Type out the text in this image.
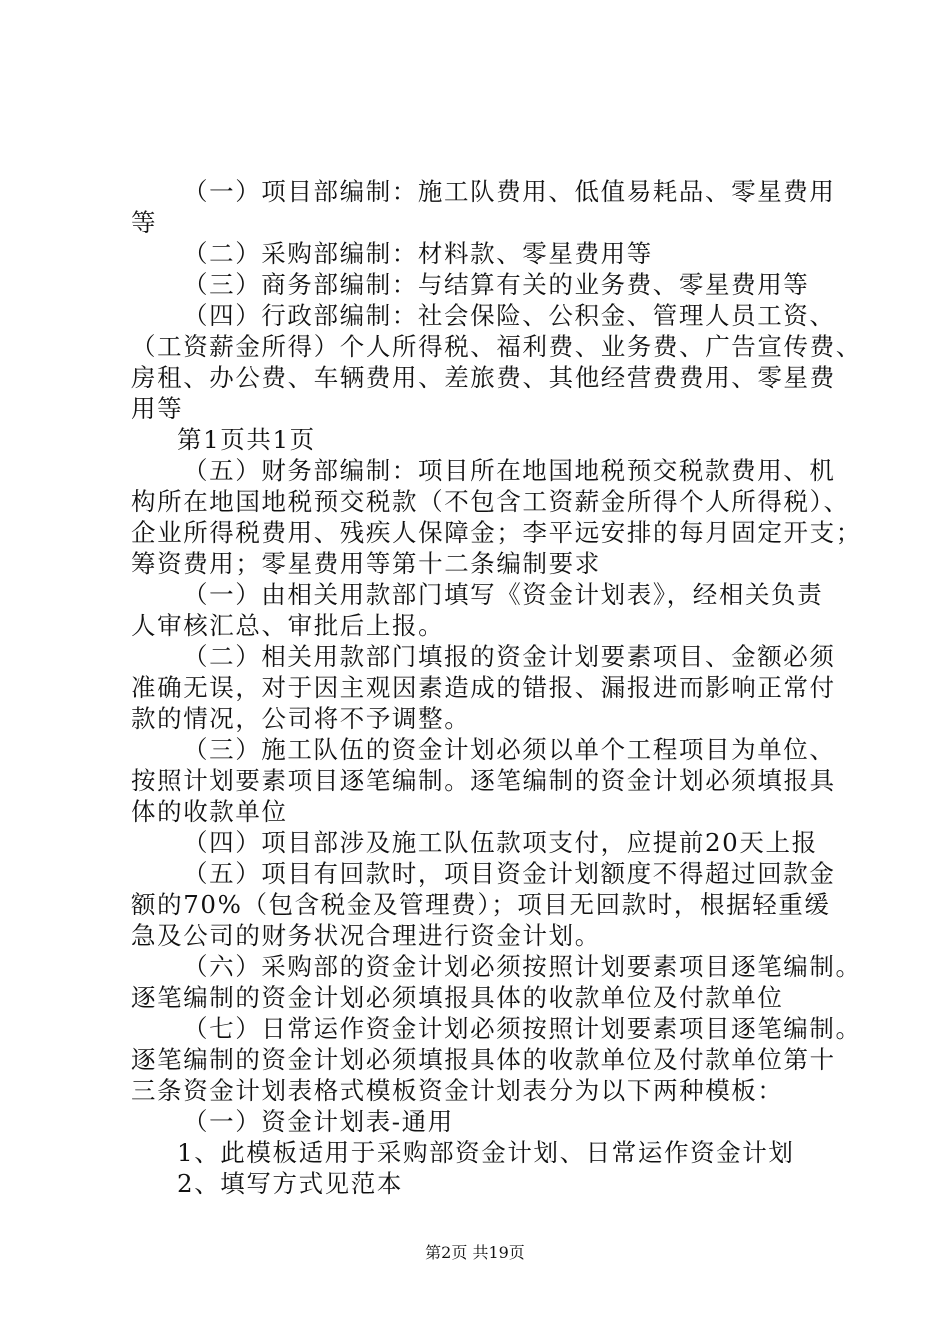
（一）项目部编制：施工队费用、低值易耗品、零星费用
等
（二）采购部编制：材料款、零星费用等
（三）商务部编制：与结算有关的业务费、零星费用等
（四）行政部编制：社会保险、公积金、管理人员工资、
（工资薪金所得）个人所得税、福利费、业务费、广告宣传费、
房租、办公费、车辆费用、差旅费、其他经营费费用、零星费
用等
第1页共1页
（五）财务部编制：项目所在地国地税预交税款费用、机
构所在地国地税预交税款（不包含工资薪金所得个人所得税）、
企业所得税费用、残疾人保障金；李平远安排的每月固定开支；
筹资费用；零星费用等第十二条编制要求
（一）由相关用款部门填写《资金计划表》，经相关负责
人审核汇总、审批后上报。
（二）相关用款部门填报的资金计划要素项目、金额必须
准确无误，对于因主观因素造成的错报、漏报进而影响正常付
款的情况，公司将不予调整。
（三）施工队伍的资金计划必须以单个工程项目为单位、
按照计划要素项目逐笔编制。逐笔编制的资金计划必须填报具
体的收款单位
（四）项目部涉及施工队伍款项支付，应提前20天上报
（五）项目有回款时，项目资金计划额度不得超过回款金
额的70%（包含税金及管理费）；项目无回款时，根据轻重缓
急及公司的财务状况合理进行资金计划。
（六）采购部的资金计划必须按照计划要素项目逐笔编制。
逐笔编制的资金计划必须填报具体的收款单位及付款单位
（七）日常运作资金计划必须按照计划要素项目逐笔编制。
逐笔编制的资金计划必须填报具体的收款单位及付款单位第十
三条资金计划表格式模板资金计划表分为以下两种模板：
（一）资金计划表-通用
1、此模板适用于采购部资金计划、日常运作资金计划
2、填写方式见范本
第2页 共19页
